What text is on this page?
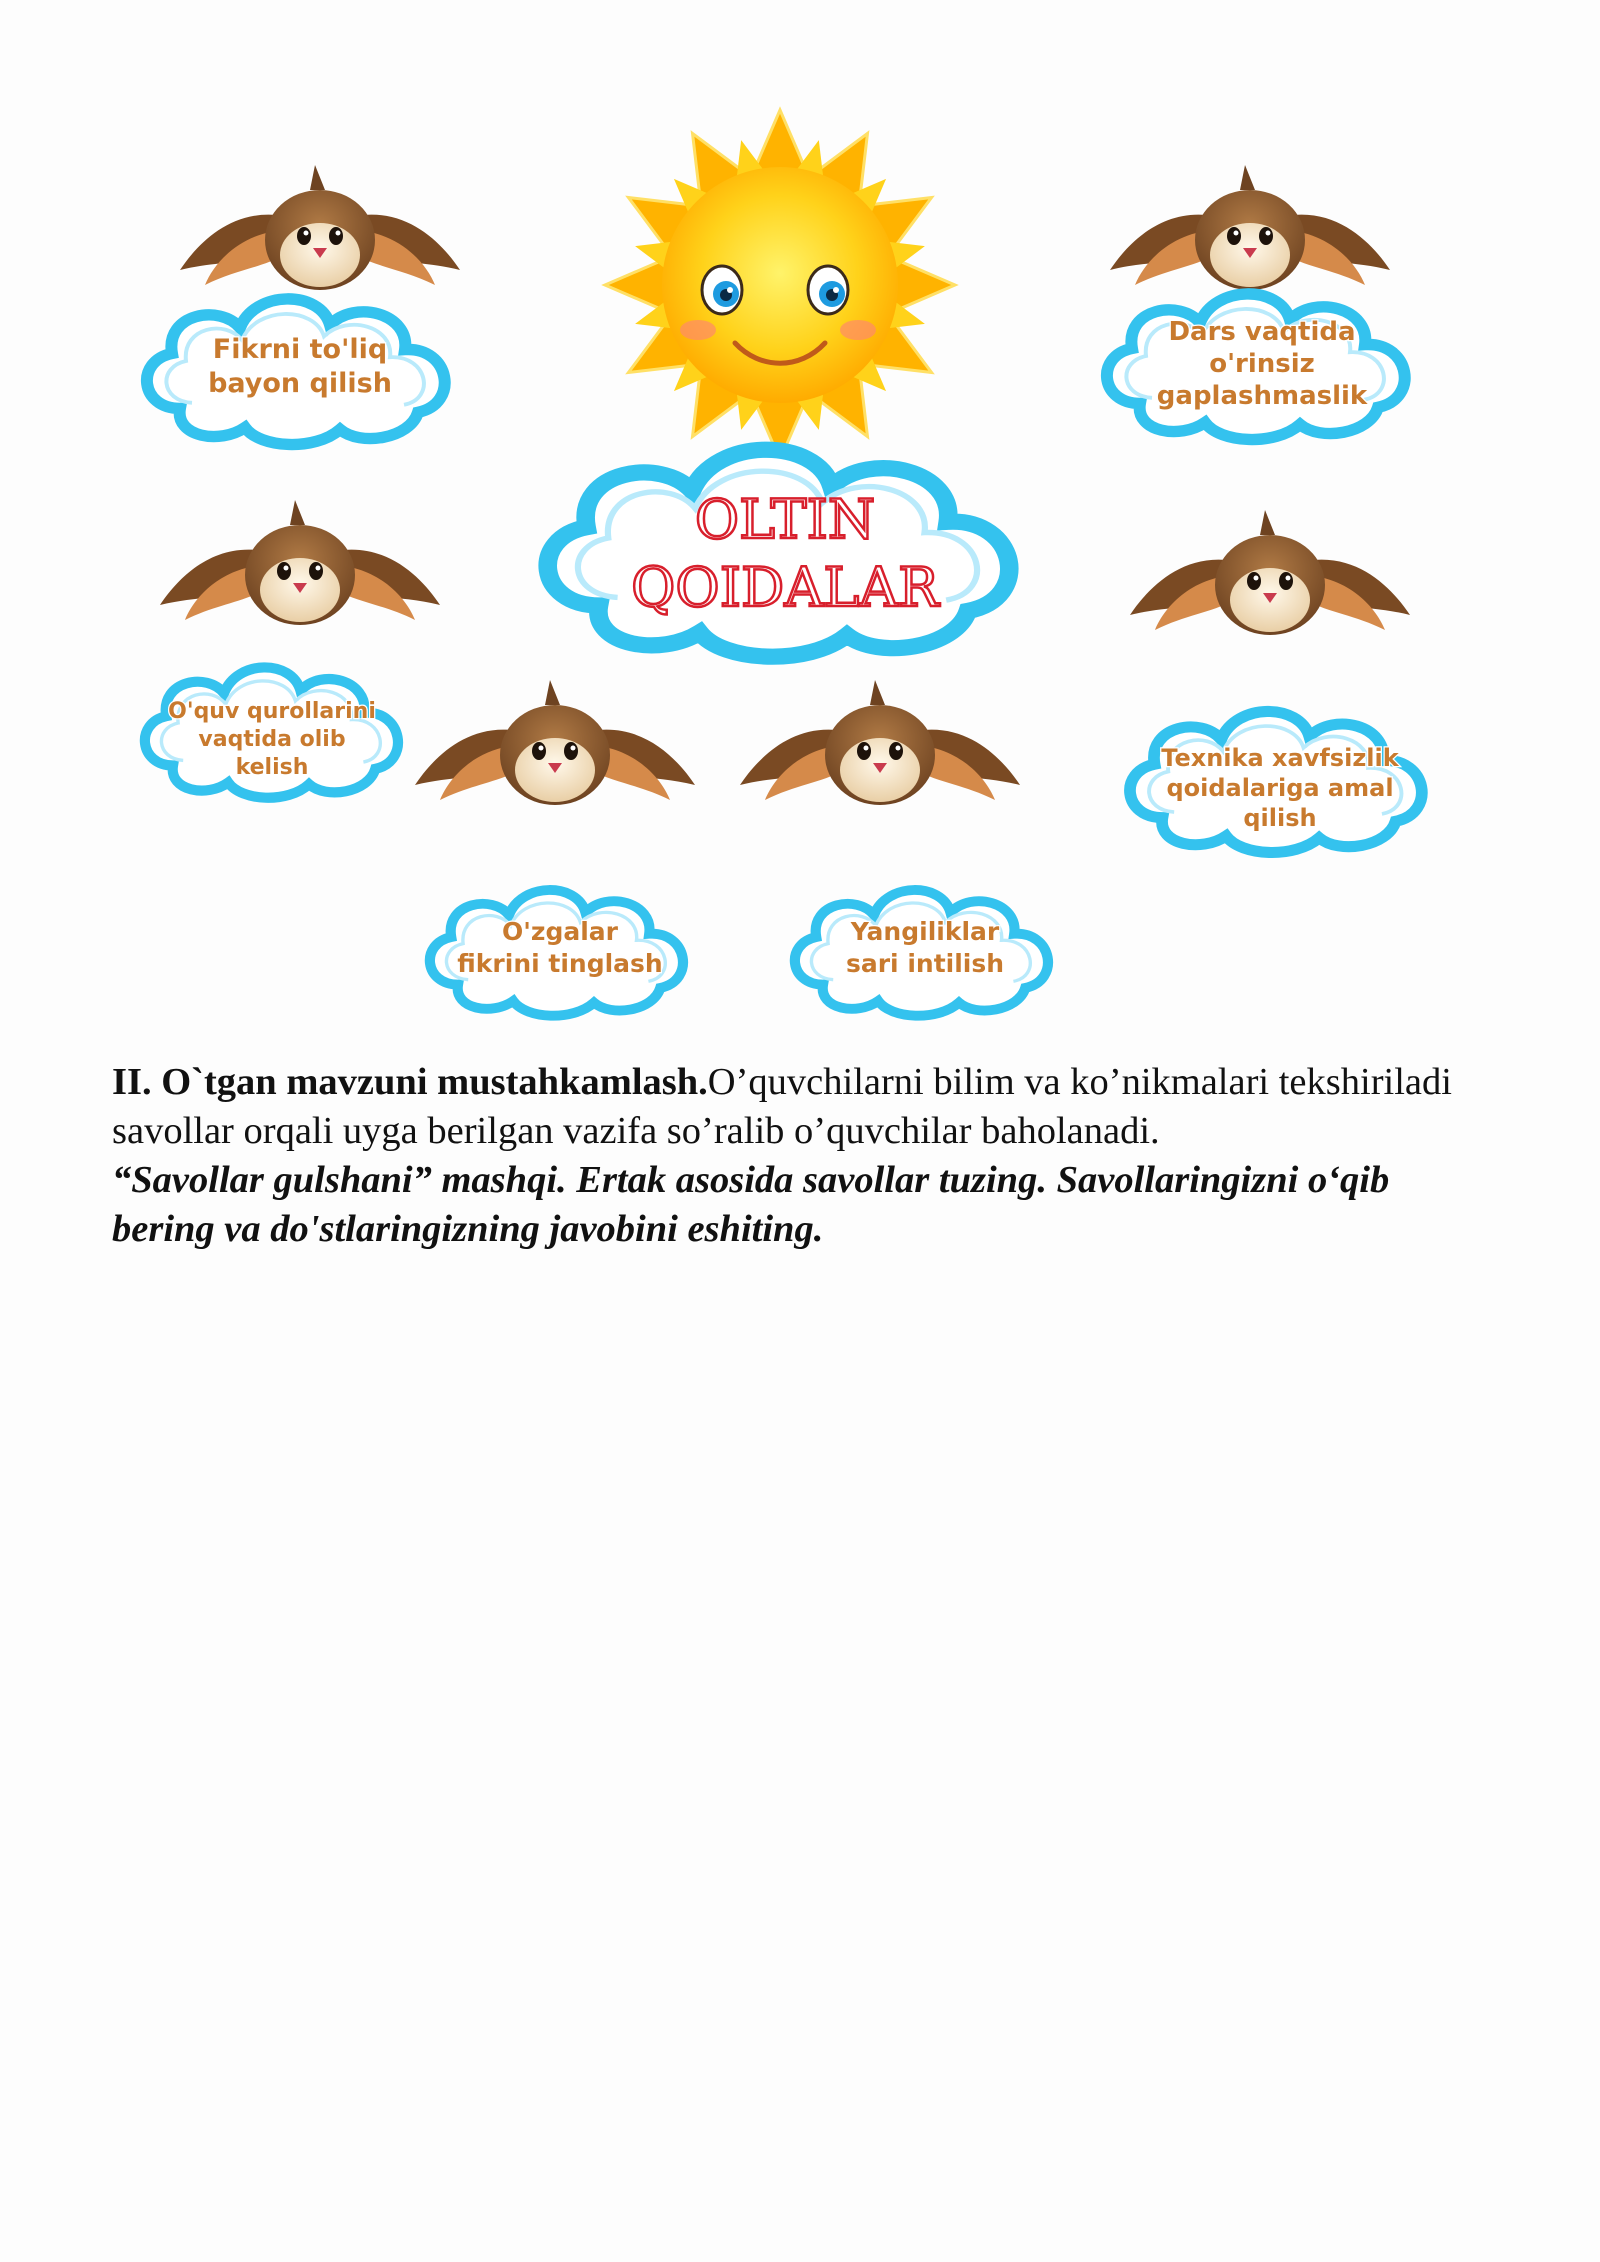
OLTIN
QOIDALAR
Fikrni to'liq
bayon qilish
Dars vaqtida
o'rinsiz
gaplashmaslik
O'quv qurollarini
vaqtida olib
kelish	Texnika xavfsizlik
qoidalariga amal
qilish
O'zgalar
fikrini tinglash
Yangiliklar
sari intilish

II. O`tgan mavzuni mustahkamlash.O’quvchilarni bilim va ko’nikmalari tekshiriladi savollar orqali uyga berilgan vazifa so’ralib o’quvchilar baholanadi.

“Savollar gulshani” mashqi. Ertak asosida savollar tuzing. Savollaringizni o‘qib bering va do'stlaringizning javobini eshiting.
